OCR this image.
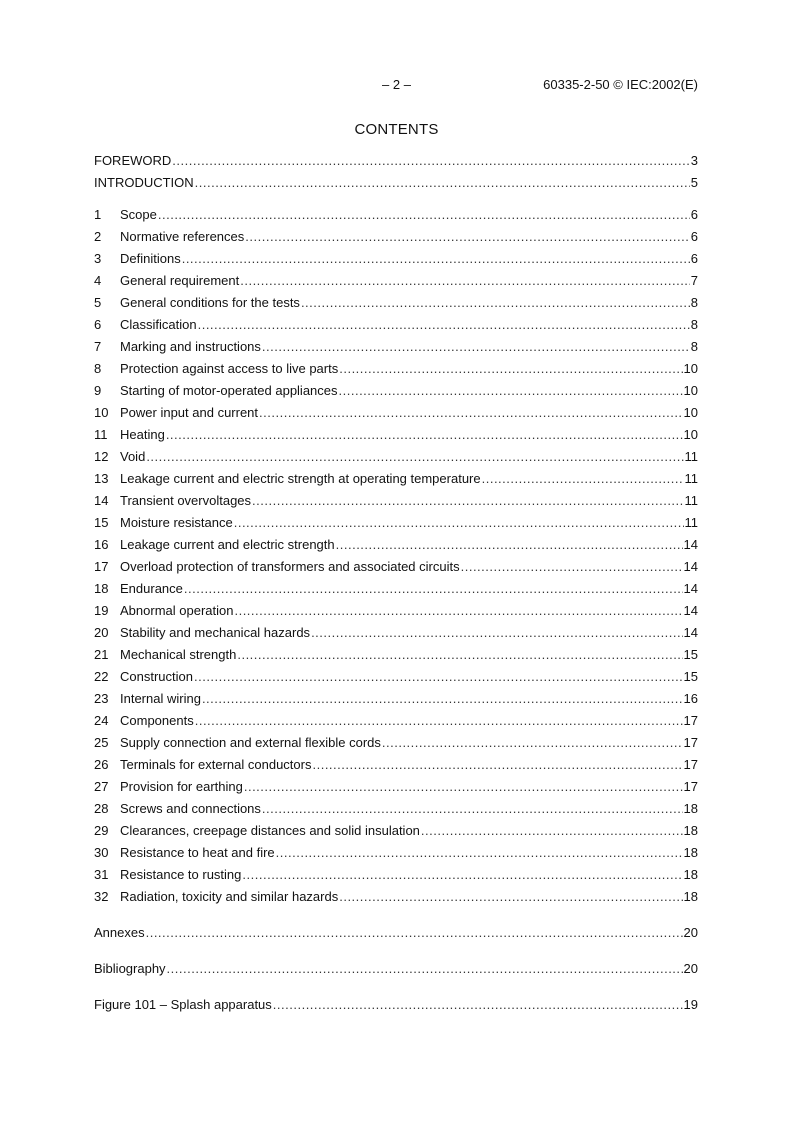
– 2 –	60335-2-50 © IEC:2002(E)
CONTENTS
FOREWORD .....	3
INTRODUCTION .....	5
1	Scope .....	6
2	Normative references .....	6
3	Definitions .....	6
4	General requirement .....	7
5	General conditions for the tests .....	8
6	Classification .....	8
7	Marking and instructions .....	8
8	Protection against access to live parts .....	10
9	Starting of motor-operated appliances .....	10
10 Power input and current .....	10
11 Heating .....	10
12 Void .....	11
13 Leakage current and electric strength at operating temperature .....	11
14 Transient overvoltages .....	11
15 Moisture resistance .....	11
16 Leakage current and electric strength .....	14
17 Overload protection of transformers and associated circuits .....	14
18 Endurance .....	14
19 Abnormal operation .....	14
20 Stability and mechanical hazards .....	14
21 Mechanical strength .....	15
22 Construction .....	15
23 Internal wiring .....	16
24 Components .....	17
25 Supply connection and external flexible cords .....	17
26 Terminals for external conductors .....	17
27 Provision for earthing .....	17
28 Screws and connections .....	18
29 Clearances, creepage distances and solid insulation .....	18
30 Resistance to heat and fire .....	18
31 Resistance to rusting .....	18
32 Radiation, toxicity and similar hazards .....	18
Annexes .....	20
Bibliography .....	20
Figure 101 – Splash apparatus .....	19
